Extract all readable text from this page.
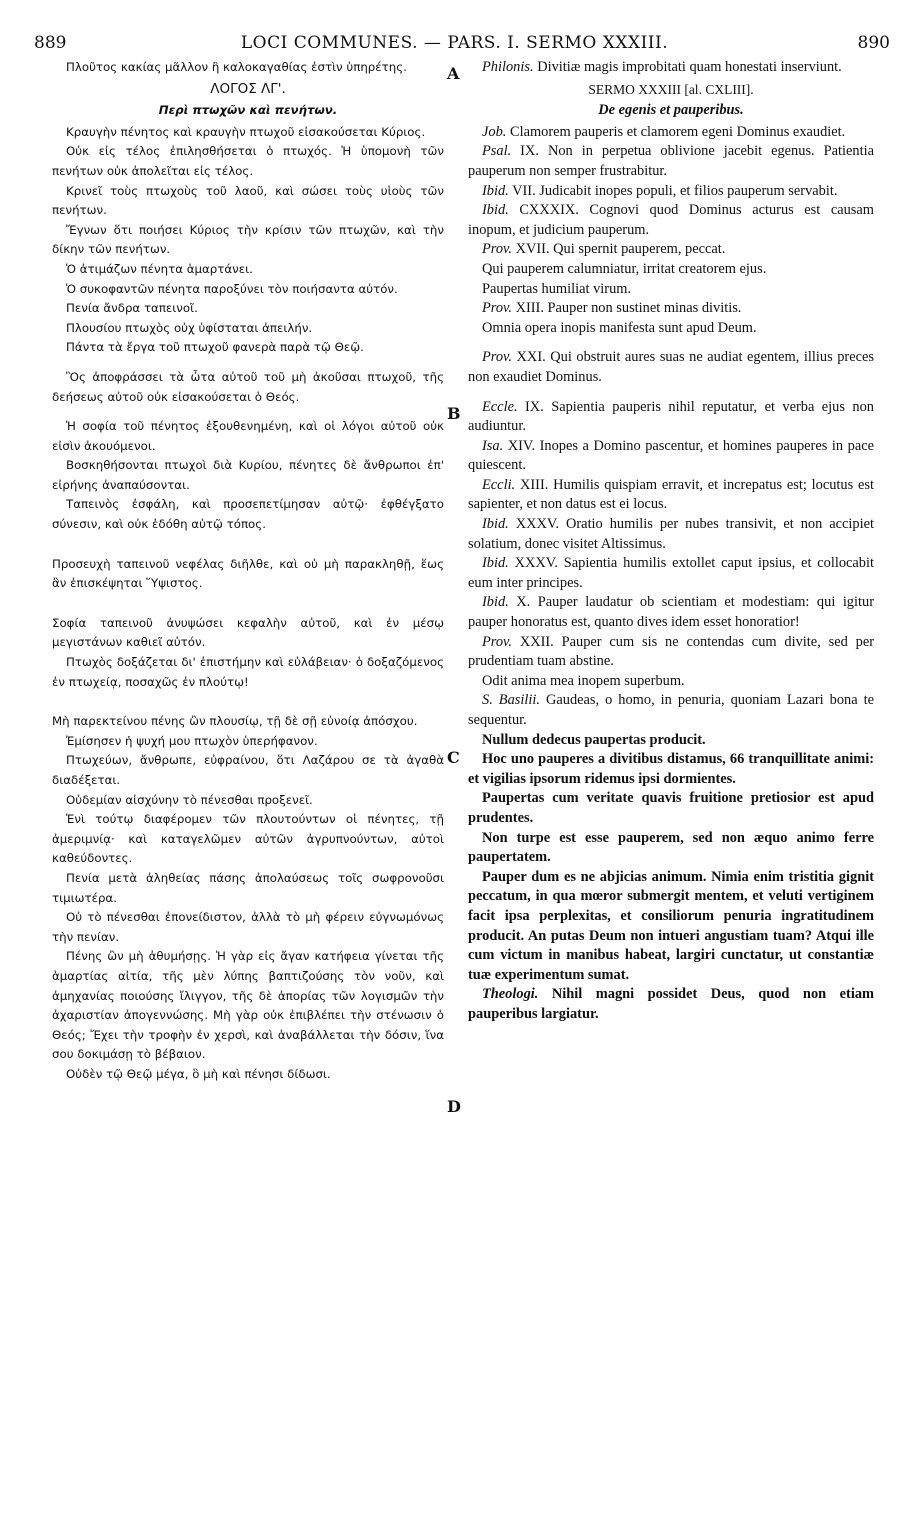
889	LOCI COMMUNES. — PARS. I. SERMO XXXIII.	890
A
B
C
D

Πλοῦτος κακίας μᾶλλον ἢ καλοκαγαθίας ἐστὶν ὑπηρέτης.

ΛΟΓΟΣ ΛΓ'.

Περὶ πτωχῶν καὶ πενήτων.

Κραυγὴν πένητος καὶ κραυγὴν πτωχοῦ εἰσακούσεται Κύριος.

Οὐκ εἰς τέλος ἐπιλησθήσεται ὁ πτωχός. Ἡ ὑπομονὴ τῶν πενήτων οὐκ ἀπολεῖται εἰς τέλος.

Κρινεῖ τοὺς πτωχοὺς τοῦ λαοῦ, καὶ σώσει τοὺς υἱοὺς τῶν πενήτων.

Ἔγνων ὅτι ποιήσει Κύριος τὴν κρίσιν τῶν πτωχῶν, καὶ τὴν δίκην τῶν πενήτων.

Ὁ ἀτιμάζων πένητα ἁμαρτάνει.

Ὁ συκοφαντῶν πένητα παροξύνει τὸν ποιήσαντα αὐτόν.

Πενία ἄνδρα ταπεινοῖ.

Πλουσίου πτωχὸς οὐχ ὑφίσταται ἀπειλήν.

Πάντα τὰ ἔργα τοῦ πτωχοῦ φανερὰ παρὰ τῷ Θεῷ.

Ὃς ἀποφράσσει τὰ ὦτα αὐτοῦ τοῦ μὴ ἀκοῦσαι πτωχοῦ, τῆς δεήσεως αὐτοῦ οὐκ εἰσακούσεται ὁ Θεός.

Ἡ σοφία τοῦ πένητος ἐξουθενημένη, καὶ οἱ λόγοι αὐτοῦ οὐκ εἰσὶν ἀκουόμενοι.

Βοσκηθήσονται πτωχοὶ διὰ Κυρίου, πένητες δὲ ἄνθρωποι ἐπ' εἰρήνης ἀναπαύσονται.

Ταπεινὸς ἐσφάλη, καὶ προσεπετίμησαν αὐτῷ· ἐφθέγξατο σύνεσιν, καὶ οὐκ ἐδόθη αὐτῷ τόπος.

Προσευχὴ ταπεινοῦ νεφέλας διῆλθε, καὶ οὐ μὴ παρακληθῇ, ἕως ἂν ἐπισκέψηται Ὕψιστος.

Σοφία ταπεινοῦ ἀνυψώσει κεφαλὴν αὐτοῦ, καὶ ἐν μέσῳ μεγιστάνων καθιεῖ αὐτόν.

Πτωχὸς δοξάζεται δι' ἐπιστήμην καὶ εὐλάβειαν· ὁ δοξαζόμενος ἐν πτωχείᾳ, ποσαχῶς ἐν πλούτῳ!

Μὴ παρεκτείνου πένης ὢν πλουσίῳ, τῇ δὲ σῇ εὐνοίᾳ ἀπόσχου.

Ἐμίσησεν ἡ ψυχή μου πτωχὸν ὑπερήφανον.

Πτωχεύων, ἄνθρωπε, εὐφραίνου, ὅτι Λαζάρου σε τὰ ἀγαθὰ διαδέξεται.

Οὐδεμίαν αἰσχύνην τὸ πένεσθαι προξενεῖ.

Ἑνὶ τούτῳ διαφέρομεν τῶν πλουτούντων οἱ πένητες, τῇ ἀμεριμνίᾳ· καὶ καταγελῶμεν αὐτῶν ἀγρυπνούντων, αὐτοὶ καθεύδοντες.

Πενία μετὰ ἀληθείας πάσης ἀπολαύσεως τοῖς σωφρονοῦσι τιμιωτέρα.

Οὐ τὸ πένεσθαι ἐπονείδιστον, ἀλλὰ τὸ μὴ φέρειν εὐγνωμόνως τὴν πενίαν.

Πένης ὢν μὴ ἀθυμήσῃς. Ἡ γὰρ εἰς ἄγαν κατήφεια γίνεται τῆς ἁμαρτίας αἰτία, τῆς μὲν λύπης βαπτιζούσης τὸν νοῦν, καὶ ἀμηχανίας ποιούσης ἴλιγγον, τῆς δὲ ἀπορίας τῶν λογισμῶν τὴν ἀχαριστίαν ἀπογεννώσης. Μὴ γὰρ οὐκ ἐπιβλέπει τὴν στένωσιν ὁ Θεός; Ἔχει τὴν τροφὴν ἐν χερσὶ, καὶ ἀναβάλλεται τὴν δόσιν, ἵνα σου δοκιμάσῃ τὸ βέβαιον.

Οὐδὲν τῷ Θεῷ μέγα, ὃ μὴ καὶ πένησι δίδωσι.

Philonis. Divitiæ magis improbitati quam honestati inserviunt.

SERMO XXXIII [al. CXLIII].

De egenis et pauperibus.

Job. Clamorem pauperis et clamorem egeni Dominus exaudiet.

Psal. IX. Non in perpetua oblivione jacebit egenus. Patientia pauperum non semper frustrabitur.

Ibid. VII. Judicabit inopes populi, et filios pauperum servabit.

Ibid. CXXXIX. Cognovi quod Dominus acturus est causam inopum, et judicium pauperum.

Prov. XVII. Qui spernit pauperem, peccat.

Qui pauperem calumniatur, irritat creatorem ejus.

Paupertas humiliat virum.

Prov. XIII. Pauper non sustinet minas divitis.

Omnia opera inopis manifesta sunt apud Deum.

Prov. XXI. Qui obstruit aures suas ne audiat egentem, illius preces non exaudiet Dominus.

Eccle. IX. Sapientia pauperis nihil reputatur, et verba ejus non audiuntur.

Isa. XIV. Inopes a Domino pascentur, et homines pauperes in pace quiescent.

Eccli. XIII. Humilis quispiam erravit, et increpatus est; locutus est sapienter, et non datus est ei locus.

Ibid. XXXV. Oratio humilis per nubes transivit, et non accipiet solatium, donec visitet Altissimus.

Ibid. XXXV. Sapientia humilis extollet caput ipsius, et collocabit eum inter principes.

Ibid. X. Pauper laudatur ob scientiam et modestiam: qui igitur pauper honoratus est, quanto dives idem esset honoratior!

Prov. XXII. Pauper cum sis ne contendas cum divite, sed per prudentiam tuam abstine.

Odit anima mea inopem superbum.

S. Basilii. Gaudeas, o homo, in penuria, quoniam Lazari bona te sequentur.

Nullum dedecus paupertas producit.

Hoc uno pauperes a divitibus distamus, 66 tranquillitate animi: et vigilias ipsorum ridemus ipsi dormientes.

Paupertas cum veritate quavis fruitione pretiosior est apud prudentes.

Non turpe est esse pauperem, sed non æquo animo ferre paupertatem.

Pauper dum es ne abjicias animum. Nimia enim tristitia gignit peccatum, in qua mœror submergit mentem, et veluti vertiginem facit ipsa perplexitas, et consiliorum penuria ingratitudinem producit. An putas Deum non intueri angustiam tuam? Atqui ille cum victum in manibus habeat, largiri cunctatur, ut constantiæ tuæ experimentum sumat.

Theologi. Nihil magni possidet Deus, quod non etiam pauperibus largiatur.
